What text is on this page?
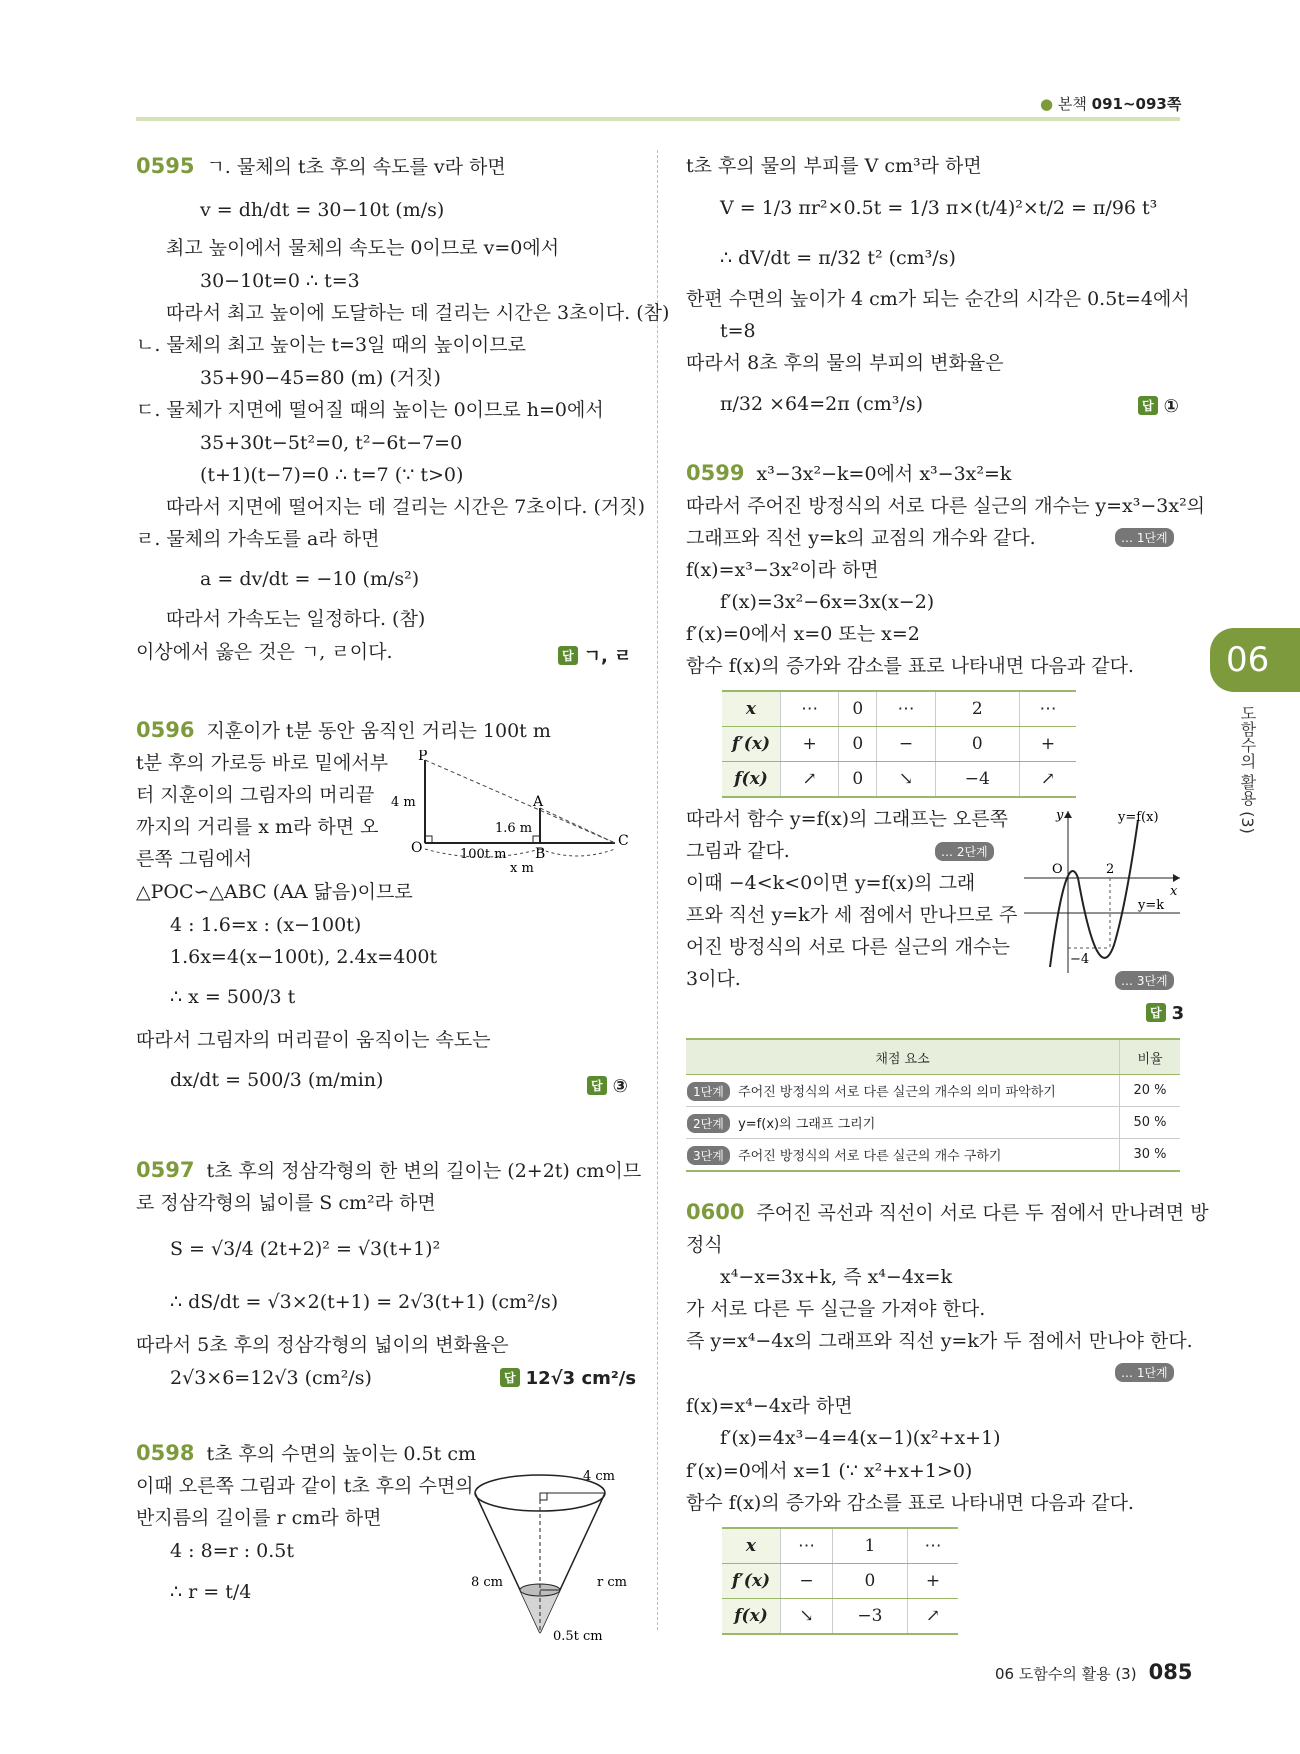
● 본책 091~093쪽
06
도함수의 활용 (3)
0595 ㄱ. 물체의 t초 후의 속도를 v라 하면
v = dh/dt = 30−10t (m/s)
최고 높이에서 물체의 속도는 0이므로 v=0에서
30−10t=0 ∴ t=3
따라서 최고 높이에 도달하는 데 걸리는 시간은 3초이다. (참)
ㄴ. 물체의 최고 높이는 t=3일 때의 높이이므로
35+90−45=80 (m) (거짓)
ㄷ. 물체가 지면에 떨어질 때의 높이는 0이므로 h=0에서
35+30t−5t²=0, t²−6t−7=0
(t+1)(t−7)=0 ∴ t=7 (∵ t>0)
따라서 지면에 떨어지는 데 걸리는 시간은 7초이다. (거짓)
ㄹ. 물체의 가속도를 a라 하면
a = dv/dt = −10 (m/s²)
따라서 가속도는 일정하다. (참)
이상에서 옳은 것은 ㄱ, ㄹ이다.	답 ㄱ, ㄹ
0596 지훈이가 t분 동안 움직인 거리는 100t m
t분 후의 가로등 바로 밑에서부
터 지훈이의 그림자의 머리끝
까지의 거리를 x m라 하면 오
른쪽 그림에서
△POC∽△ABC (AA 닮음)이므로
4 : 1.6=x : (x−100t)
1.6x=4(x−100t), 2.4x=400t
∴ x = 500/3 t
따라서 그림자의 머리끝이 움직이는 속도는
dx/dt = 500/3 (m/min)	답 ③
P
A
O	B
C
4 m
1.6 m
100t m
x m
0597 t초 후의 정삼각형의 한 변의 길이는 (2+2t) cm이므
로 정삼각형의 넓이를 S cm²라 하면
S = √3/4 (2t+2)² = √3(t+1)²
∴ dS/dt = √3×2(t+1) = 2√3(t+1) (cm²/s)
따라서 5초 후의 정삼각형의 넓이의 변화율은
2√3×6=12√3 (cm²/s)	답 12√3 cm²/s
0598 t초 후의 수면의 높이는 0.5t cm
이때 오른쪽 그림과 같이 t초 후의 수면의
반지름의 길이를 r cm라 하면
4 : 8=r : 0.5t
∴ r = t/4
4 cm
r cm
8 cm
0.5t cm
t초 후의 물의 부피를 V cm³라 하면
V = 1/3 πr²×0.5t = 1/3 π×(t/4)²×t/2 = π/96 t³
∴ dV/dt = π/32 t² (cm³/s)
한편 수면의 높이가 4 cm가 되는 순간의 시각은 0.5t=4에서
t=8
따라서 8초 후의 물의 부피의 변화율은
π/32 ×64=2π (cm³/s)	답 ①
0599 x³−3x²−k=0에서 x³−3x²=k
따라서 주어진 방정식의 서로 다른 실근의 개수는 y=x³−3x²의
그래프와 직선 y=k의 교점의 개수와 같다.	… 1단계
f(x)=x³−3x²이라 하면
f′(x)=3x²−6x=3x(x−2)
f′(x)=0에서 x=0 또는 x=2
함수 f(x)의 증가와 감소를 표로 나타내면 다음과 같다.
x	⋯	0	⋯	2	⋯
f′(x)	+	0	−	0	+
f(x)	↗	0	↘	−4	↗
따라서 함수 y=f(x)의 그래프는 오른쪽
그림과 같다.	… 2단계
이때 −4<k<0이면 y=f(x)의 그래
프와 직선 y=k가 세 점에서 만나므로 주
어진 방정식의 서로 다른 실근의 개수는
3이다.	… 3단계
답 3
y
x
y=f(x)
y=k
O	2
−4
채점 요소	비율
1단계 주어진 방정식의 서로 다른 실근의 개수의 의미 파악하기	20 %
2단계 y=f(x)의 그래프 그리기	50 %
3단계 주어진 방정식의 서로 다른 실근의 개수 구하기	30 %
0600 주어진 곡선과 직선이 서로 다른 두 점에서 만나려면 방
정식
x⁴−x=3x+k, 즉 x⁴−4x=k
가 서로 다른 두 실근을 가져야 한다.
즉 y=x⁴−4x의 그래프와 직선 y=k가 두 점에서 만나야 한다.
… 1단계
f(x)=x⁴−4x라 하면
f′(x)=4x³−4=4(x−1)(x²+x+1)
f′(x)=0에서 x=1 (∵ x²+x+1>0)
함수 f(x)의 증가와 감소를 표로 나타내면 다음과 같다.
x	⋯	1	⋯
f′(x)	−	0	+
f(x)	↘	−3	↗
06 도함수의 활용 (3) 085
